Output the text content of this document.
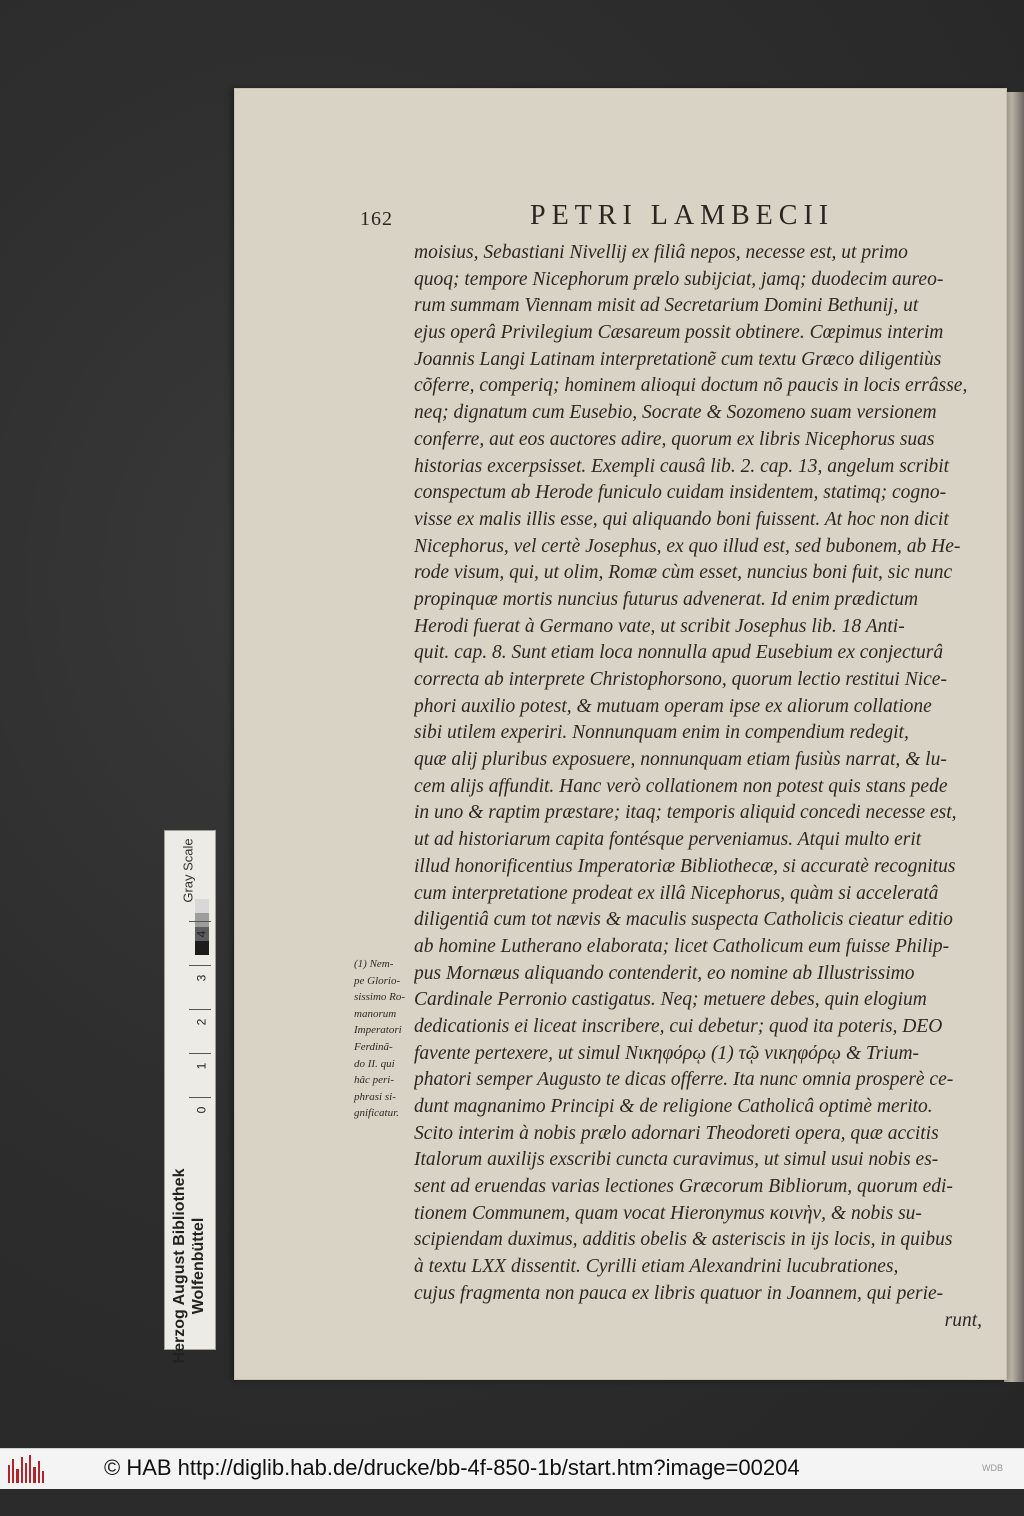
162	PETRI LAMBECII
moisius, Sebastiani Nivellij ex filiâ nepos, necesse est, ut primo
quoq; tempore Nicephorum prælo subijciat, jamq; duodecim aureo-
rum summam Viennam misit ad Secretarium Domini Bethunij, ut
ejus operâ Privilegium Cæsareum possit obtinere. Cœpimus interim
Joannis Langi Latinam interpretationẽ cum textu Græco diligentiùs
cõferre, comperiq; hominem alioqui doctum nõ paucis in locis errâsse,
neq; dignatum cum Eusebio, Socrate & Sozomeno suam versionem
conferre, aut eos auctores adire, quorum ex libris Nicephorus suas
historias excerpsisset. Exempli causâ lib. 2. cap. 13, angelum scribit
conspectum ab Herode funiculo cuidam insidentem, statimq; cogno-
visse ex malis illis esse, qui aliquando boni fuissent. At hoc non dicit
Nicephorus, vel certè Josephus, ex quo illud est, sed bubonem, ab He-
rode visum, qui, ut olim, Romæ cùm esset, nuncius boni fuit, sic nunc
propinquæ mortis nuncius futurus advenerat. Id enim prædictum
Herodi fuerat à Germano vate, ut scribit Josephus lib. 18 Anti-
quit. cap. 8. Sunt etiam loca nonnulla apud Eusebium ex conjecturâ
correcta ab interprete Christophorsono, quorum lectio restitui Nice-
phori auxilio potest, & mutuam operam ipse ex aliorum collatione
sibi utilem experiri. Nonnunquam enim in compendium redegit,
quæ alij pluribus exposuere, nonnunquam etiam fusiùs narrat, & lu-
cem alijs affundit. Hanc verò collationem non potest quis stans pede
in uno & raptim præstare; itaq; temporis aliquid concedi necesse est,
ut ad historiarum capita fontésque perveniamus. Atqui multo erit
illud honorificentius Imperatoriæ Bibliothecæ, si accuratè recognitus
cum interpretatione prodeat ex illâ Nicephorus, quàm si acceleratâ
diligentiâ cum tot nævis & maculis suspecta Catholicis cieatur editio
ab homine Lutherano elaborata; licet Catholicum eum fuisse Philip-
pus Mornæus aliquando contenderit, eo nomine ab Illustrissimo
Cardinale Perronio castigatus. Neq; metuere debes, quin elogium
dedicationis ei liceat inscribere, cui debetur; quod ita poteris, DEO
favente pertexere, ut simul Νικηφόρῳ (1) τῷ νικηφόρῳ & Trium-
phatori semper Augusto te dicas offerre. Ita nunc omnia prosperè ce-
dunt magnanimo Principi & de religione Catholicâ optimè merito.
Scito interim à nobis prælo adornari Theodoreti opera, quæ accitis
Italorum auxilijs exscribi cuncta curavimus, ut simul usui nobis es-
sent ad eruendas varias lectiones Græcorum Bibliorum, quorum edi-
tionem Communem, quam vocat Hieronymus κοινὴν, & nobis su-
scipiendam duximus, additis obelis & asteriscis in ijs locis, in quibus
à textu LXX dissentit. Cyrilli etiam Alexandrini lucubrationes,
cujus fragmenta non pauca ex libris quatuor in Joannem, qui perie-
runt,
(1) Nem-
pe Glorio-
sissimo Ro-
manorum
Imperatori
Ferdinã-
do II. qui
hâc peri-
phrasi si-
gnificatur.
Herzog August Bibliothek Wolfenbüttel
Gray Scale
0
1
2
3
4
© HAB http://diglib.hab.de/drucke/bb-4f-850-1b/start.htm?image=00204	WDB
